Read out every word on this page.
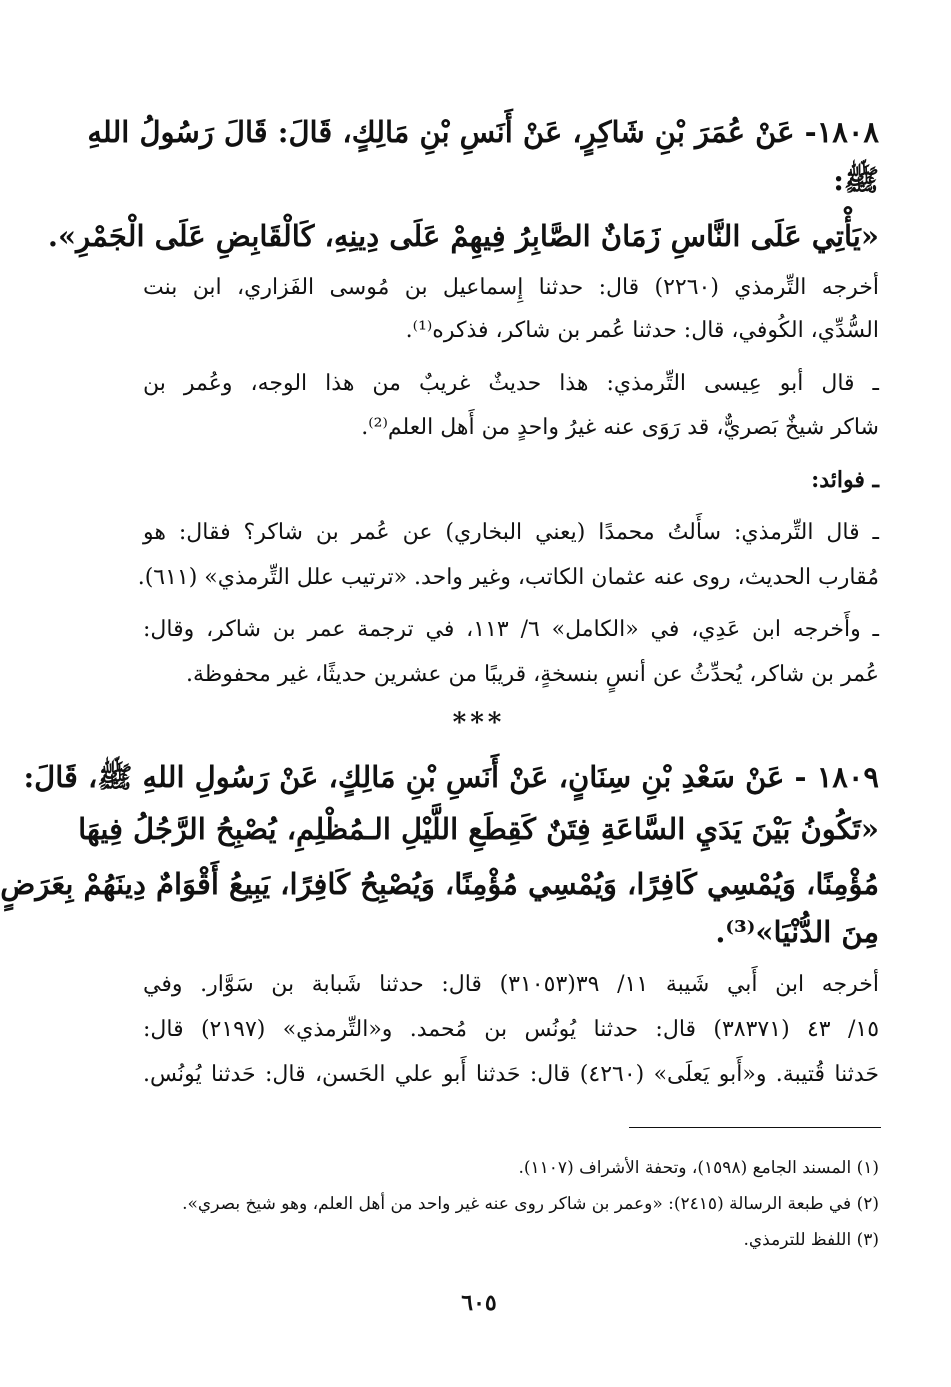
١٨٠٨- عَنْ عُمَرَ بْنِ شَاكِرٍ، عَنْ أَنَسِ بْنِ مَالِكٍ، قَالَ: قَالَ رَسُولُ اللهِ
ﷺ:
«يَأْتِي عَلَى النَّاسِ زَمَانٌ الصَّابِرُ فِيهِمْ عَلَى دِينِهِ، كَالْقَابِضِ عَلَى الْجَمْرِ».
أخرجه التِّرمذي (٢٢٦٠) قال: حدثنا إِسماعيل بن مُوسى الفَزاري، ابن بنت
السُّدِّي، الكُوفي، قال: حدثنا عُمر بن شاكر، فذكره⁽¹⁾.
ـ قال أبو عِيسى التِّرمذي: هذا حديثٌ غريبٌ من هذا الوجه، وعُمر بن
شاكر شيخٌ بَصريٌّ، قد رَوَى عنه غيرُ واحدٍ من أَهل العلم⁽²⁾.
ـ فوائد:
ـ قال التِّرمذي: سأَلتُ محمدًا (يعني البخاري) عن عُمر بن شاكر؟ فقال: هو
مُقارب الحديث، روى عنه عثمان الكاتب، وغير واحد. «ترتيب علل التِّرمذي» (٦١١).
ـ وأَخرجه ابن عَدِي، في «الكامل» ٦/ ١١٣، في ترجمة عمر بن شاكر، وقال:
عُمر بن شاكر، يُحدِّثُ عن أنسٍ بنسخةٍ، قريبًا من عشرين حديثًا، غير محفوظة.
***
١٨٠٩ - عَنْ سَعْدِ بْنِ سِنَانٍ، عَنْ أَنَسِ بْنِ مَالِكٍ، عَنْ رَسُولِ اللهِ ﷺ، قَالَ:
«تَكُونُ بَيْنَ يَدَيِ السَّاعَةِ فِتَنٌ كَقِطَعِ اللَّيْلِ الـمُظْلِمِ، يُصْبِحُ الرَّجُلُ فِيهَا
مُؤْمِنًا، وَيُمْسِي كَافِرًا، وَيُمْسِي مُؤْمِنًا، وَيُصْبِحُ كَافِرًا، يَبِيعُ أَقْوَامٌ دِينَهُمْ بِعَرَضٍ
مِنَ الدُّنْيَا»⁽³⁾.
أخرجه ابن أَبي شَيبة ١١/ ٣٩(٣١٠٥٣) قال: حدثنا شَبابة بن سَوَّار. وفي
١٥/ ٤٣ (٣٨٣٧١) قال: حدثنا يُونُس بن مُحمد. و«التِّرمذي» (٢١٩٧) قال:
حَدثنا قُتيبة. و«أَبو يَعلَى» (٤٢٦٠) قال: حَدثنا أَبو علي الحَسن، قال: حَدثنا يُونُس.
(١) المسند الجامع (١٥٩٨)، وتحفة الأشراف (١١٠٧).
(٢) في طبعة الرسالة (٢٤١٥): «وعمر بن شاكر روى عنه غير واحد من أهل العلم، وهو شيخ بصري».
(٣) اللفظ للترمذي.
٦٠٥
